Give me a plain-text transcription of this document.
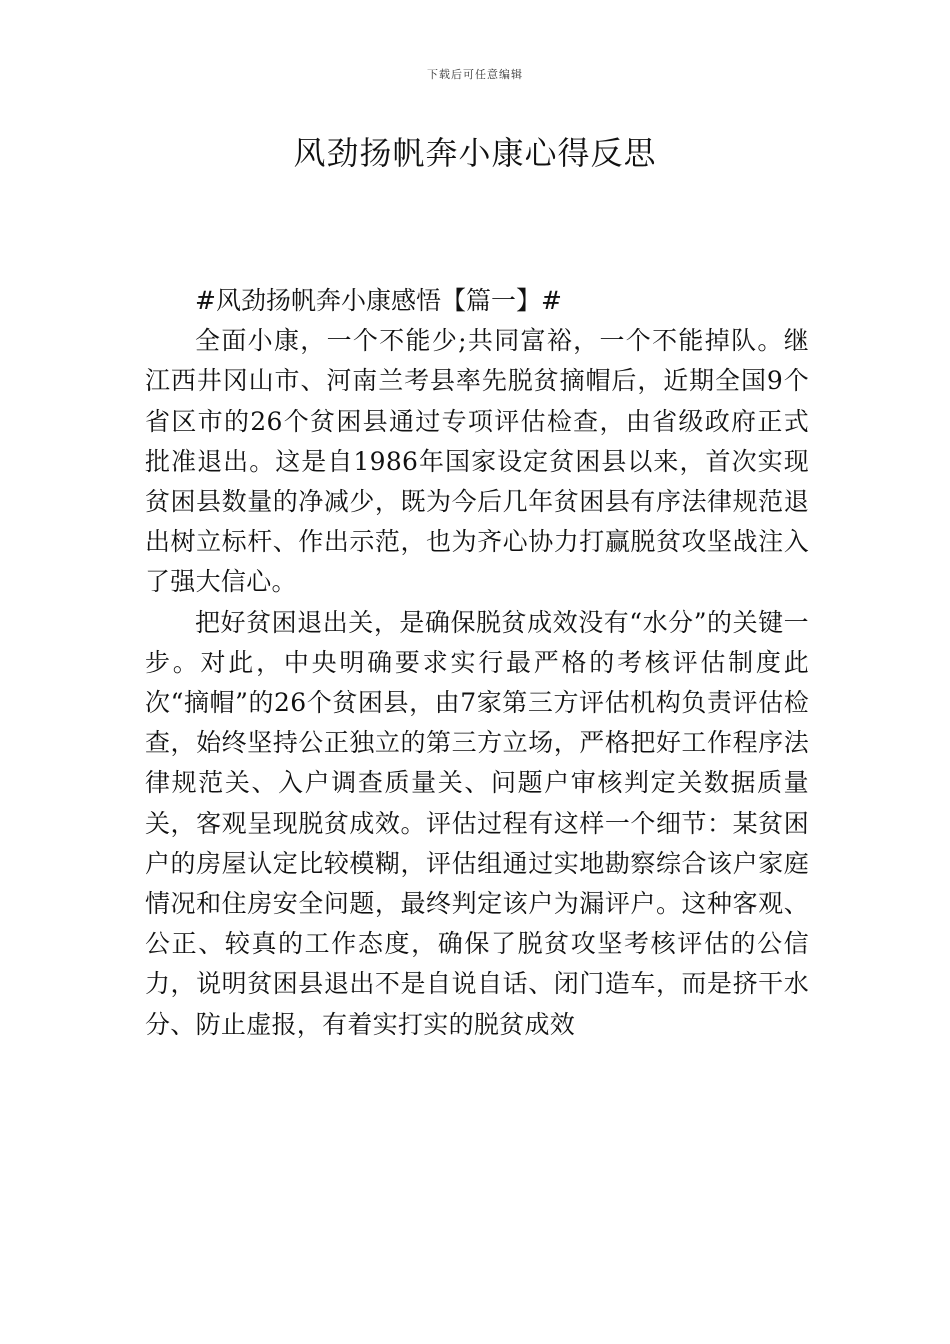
下载后可任意编辑
风劲扬帆奔小康心得反思

#风劲扬帆奔小康感悟【篇一】#

全面小康，一个不能少;共同富裕，一个不能掉队。继江西井冈山市、河南兰考县率先脱贫摘帽后，近期全国9个省区市的26个贫困县通过专项评估检查，由省级政府正式批准退出。这是自1986年国家设定贫困县以来，首次实现贫困县数量的净减少，既为今后几年贫困县有序法律规范退出树立标杆、作出示范，也为齐心协力打赢脱贫攻坚战注入了强大信心。

把好贫困退出关，是确保脱贫成效没有“水分”的关键一步。对此，中央明确要求实行最严格的考核评估制度此次“摘帽”的26个贫困县，由7家第三方评估机构负责评估检查，始终坚持公正独立的第三方立场，严格把好工作程序法律规范关、入户调查质量关、问题户审核判定关数据质量关，客观呈现脱贫成效。评估过程有这样一个细节：某贫困户的房屋认定比较模糊，评估组通过实地勘察综合该户家庭情况和住房安全问题，最终判定该户为漏评户。这种客观、公正、较真的工作态度，确保了脱贫攻坚考核评估的公信力，说明贫困县退出不是自说自话、闭门造车，而是挤干水分、防止虚报，有着实打实的脱贫成效
